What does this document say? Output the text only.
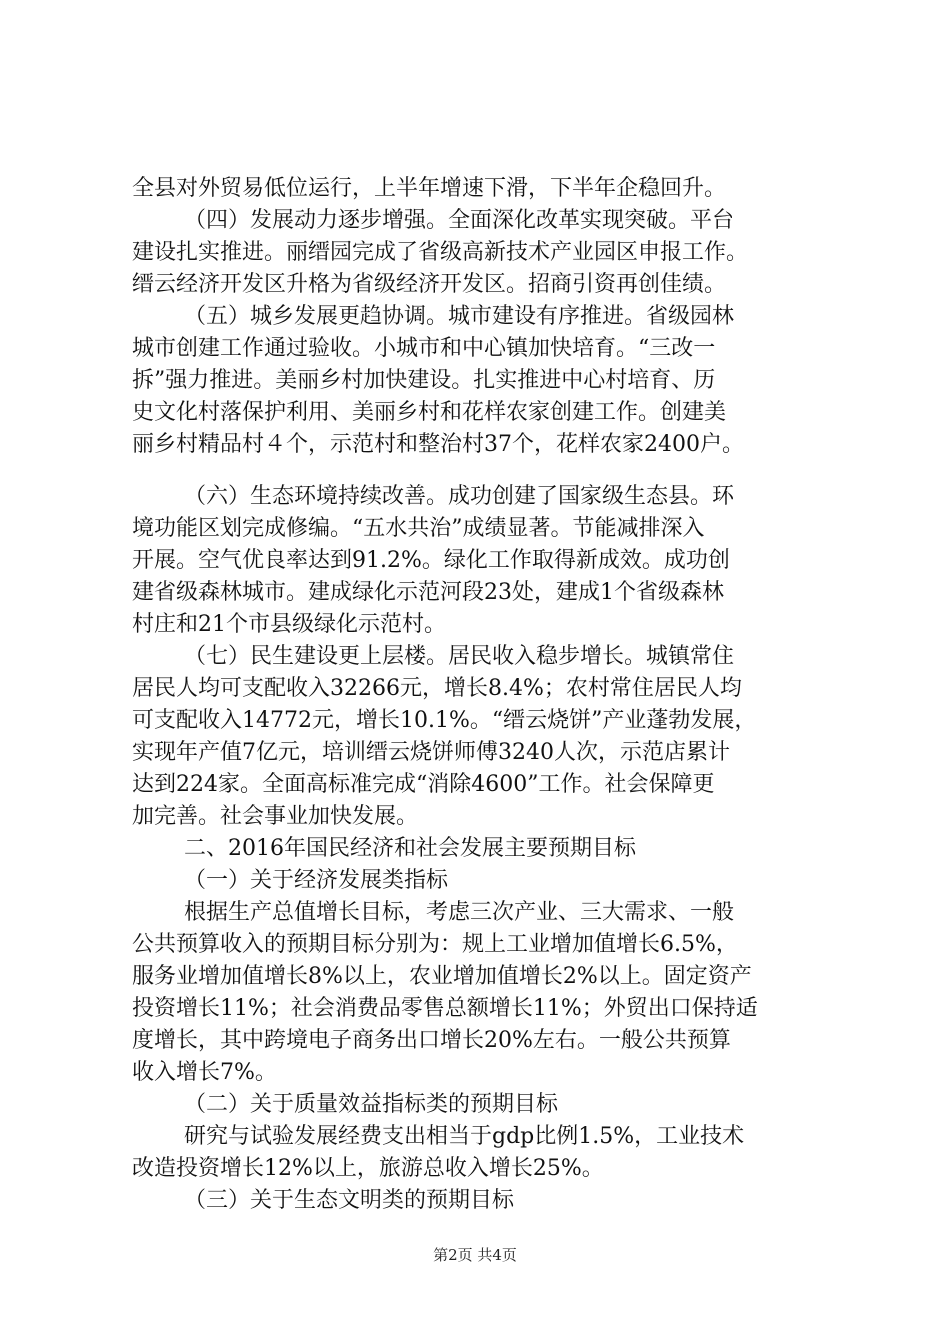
全县对外贸易低位运行，上半年增速下滑，下半年企稳回升。
（四）发展动力逐步增强。全面深化改革实现突破。平台
建设扎实推进。丽缙园完成了省级高新技术产业园区申报工作。
缙云经济开发区升格为省级经济开发区。招商引资再创佳绩。
（五）城乡发展更趋协调。城市建设有序推进。省级园林
城市创建工作通过验收。小城市和中心镇加快培育。“三改一
拆”强力推进。美丽乡村加快建设。扎实推进中心村培育、历
史文化村落保护利用、美丽乡村和花样农家创建工作。创建美
丽乡村精品村４个，示范村和整治村37个，花样农家2400户。
（六）生态环境持续改善。成功创建了国家级生态县。环
境功能区划完成修编。“五水共治”成绩显著。节能减排深入
开展。空气优良率达到91.2%。绿化工作取得新成效。成功创
建省级森林城市。建成绿化示范河段23处，建成1个省级森林
村庄和21个市县级绿化示范村。
（七）民生建设更上层楼。居民收入稳步增长。城镇常住
居民人均可支配收入32266元，增长8.4%；农村常住居民人均
可支配收入14772元，增长10.1%。“缙云烧饼”产业蓬勃发展，
实现年产值7亿元，培训缙云烧饼师傅3240人次，示范店累计
达到224家。全面高标准完成“消除4600”工作。社会保障更
加完善。社会事业加快发展。
二、2016年国民经济和社会发展主要预期目标
（一）关于经济发展类指标
根据生产总值增长目标，考虑三次产业、三大需求、一般
公共预算收入的预期目标分别为：规上工业增加值增长6.5%，
服务业增加值增长8%以上，农业增加值增长2%以上。固定资产
投资增长11%；社会消费品零售总额增长11%；外贸出口保持适
度增长，其中跨境电子商务出口增长20%左右。一般公共预算
收入增长7%。
（二）关于质量效益指标类的预期目标
研究与试验发展经费支出相当于gdp比例1.5%，工业技术
改造投资增长12%以上，旅游总收入增长25%。
（三）关于生态文明类的预期目标
第2页 共4页
